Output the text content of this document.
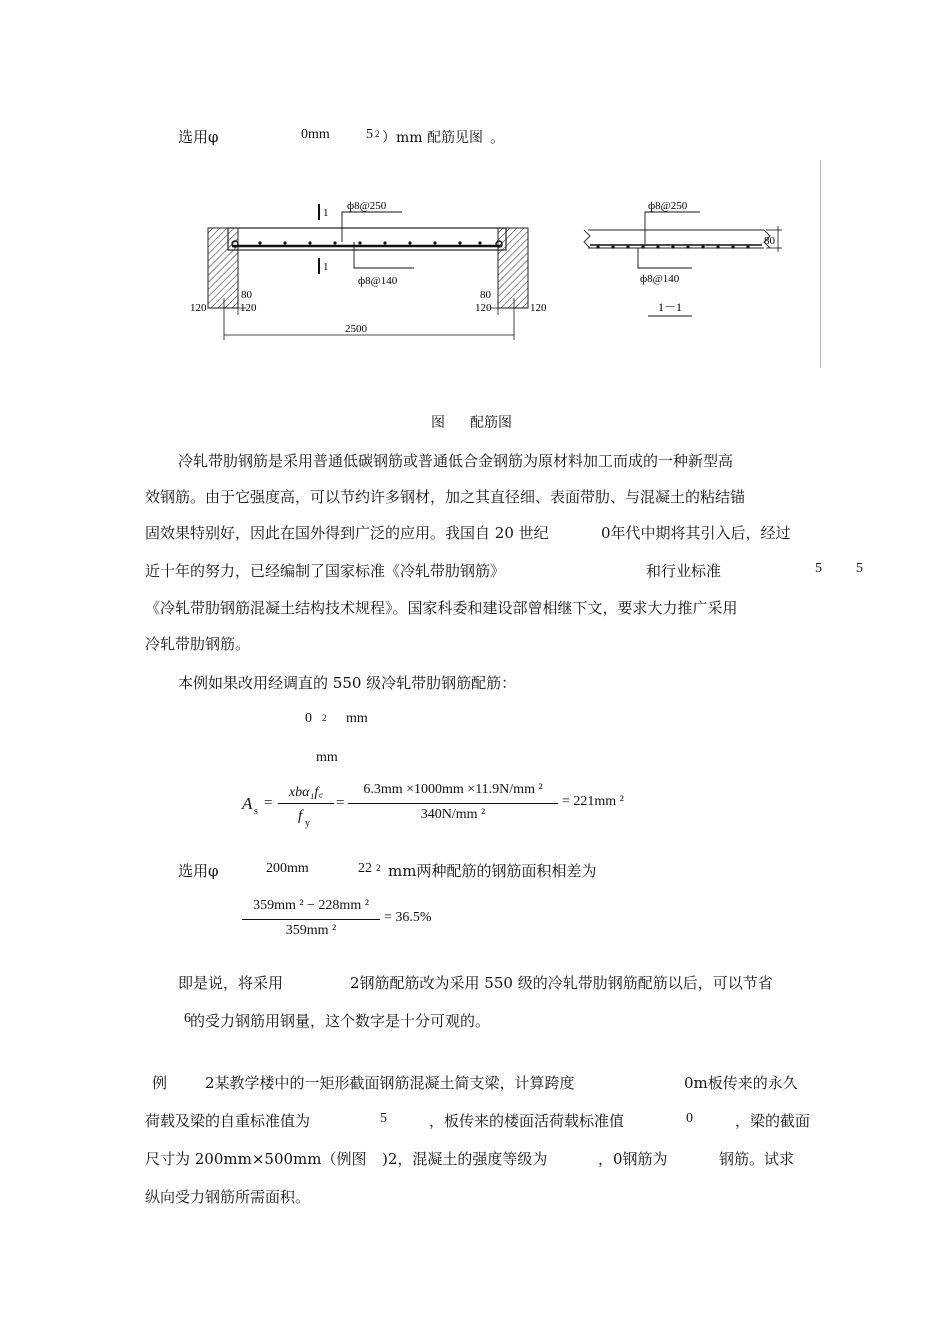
选用φ	0mm	5 2 ）mm 配筋见图 。
1
1
ф8@250
ф8@140
120	120
80	80
120	120
2500
ф8@250
ф8@140
80
1－1
图 配筋图
冷轧带肋钢筋是采用普通低碳钢筋或普通低合金钢筋为原材料加工而成的一种新型高
效钢筋。由于它强度高，可以节约许多钢材，加之其直径细、表面带肋、与混凝土的粘结锚
固效果特别好，因此在国外得到广泛的应用。我国自 20 世纪	0年代中期将其引入后，经过
近十年的努力，已经编制了国家标准《冷轧带肋钢筋》	和行业标准	5 5
《冷轧带肋钢筋混凝土结构技术规程》。国家科委和建设部曾相继下文，要求大力推广采用
冷轧带肋钢筋。
本例如果改用经调直的 550 级冷轧带肋钢筋配筋：
0 2 mm
mm
A s
=
xbα₁f꜀
f y
=
6.3mm ×1000mm ×11.9N/mm ²
340N/mm ²
= 221mm ²
选用φ	200mm	22 2 mm两种配筋的钢筋面积相差为
359mm ² − 228mm ²
359mm ²
= 36.5%
即是说，将采用	2钢筋配筋改为采用 550 级的冷轧带肋钢筋配筋以后，可以节省
6 的受力钢筋用钢量，这个数字是十分可观的。
例	2某教学楼中的一矩形截面钢筋混凝土简支梁，计算跨度	0m板传来的永久
荷载及梁的自重标准值为	5	，板传来的楼面活荷载标准值	0	，梁的截面
尺寸为 200mm×500mm（例图 )2，混凝土的强度等级为	，0钢筋为	钢筋。试求
纵向受力钢筋所需面积。
